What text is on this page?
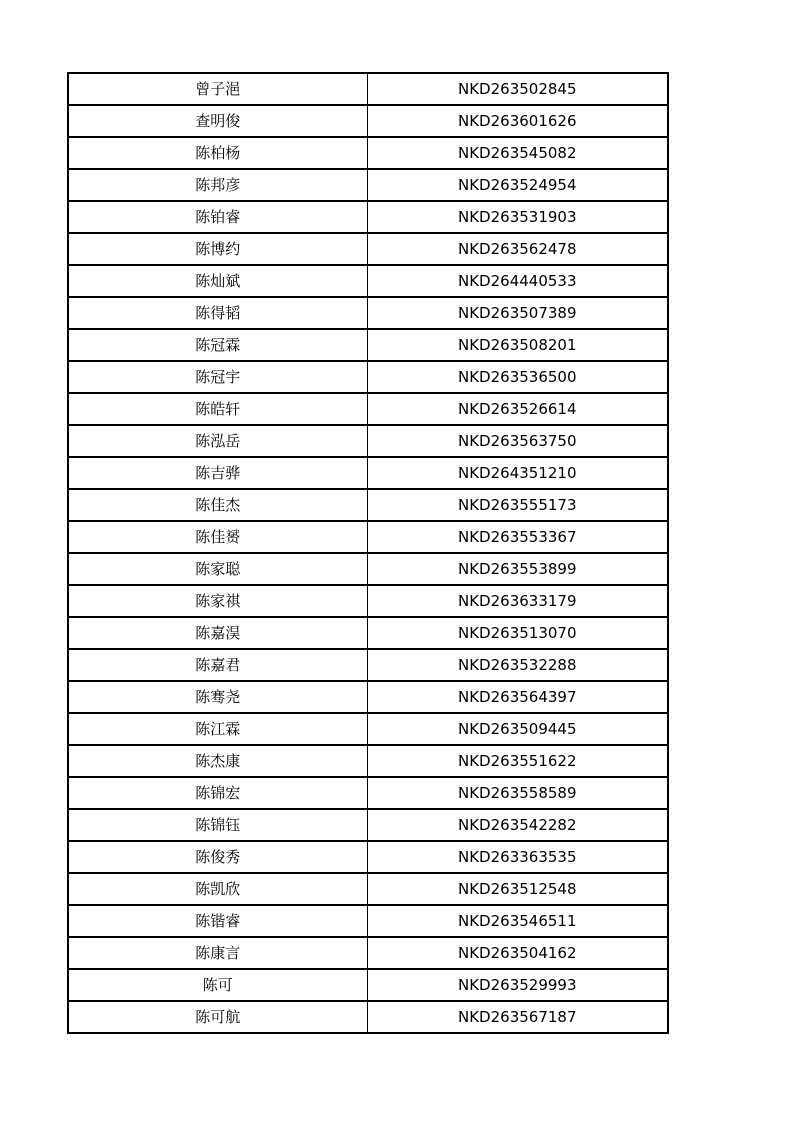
曾子浥	NKD263502845
查明俊	NKD263601626
陈柏杨	NKD263545082
陈邦彦	NKD263524954
陈铂睿	NKD263531903
陈博约	NKD263562478
陈灿斌	NKD264440533
陈得韬	NKD263507389
陈冠霖	NKD263508201
陈冠宇	NKD263536500
陈皓轩	NKD263526614
陈泓岳	NKD263563750
陈吉骅	NKD264351210
陈佳杰	NKD263555173
陈佳赟	NKD263553367
陈家聪	NKD263553899
陈家祺	NKD263633179
陈嘉淏	NKD263513070
陈嘉君	NKD263532288
陈骞尧	NKD263564397
陈江霖	NKD263509445
陈杰康	NKD263551622
陈锦宏	NKD263558589
陈锦钰	NKD263542282
陈俊秀	NKD263363535
陈凯欣	NKD263512548
陈锴睿	NKD263546511
陈康言	NKD263504162
陈可	NKD263529993
陈可航	NKD263567187
